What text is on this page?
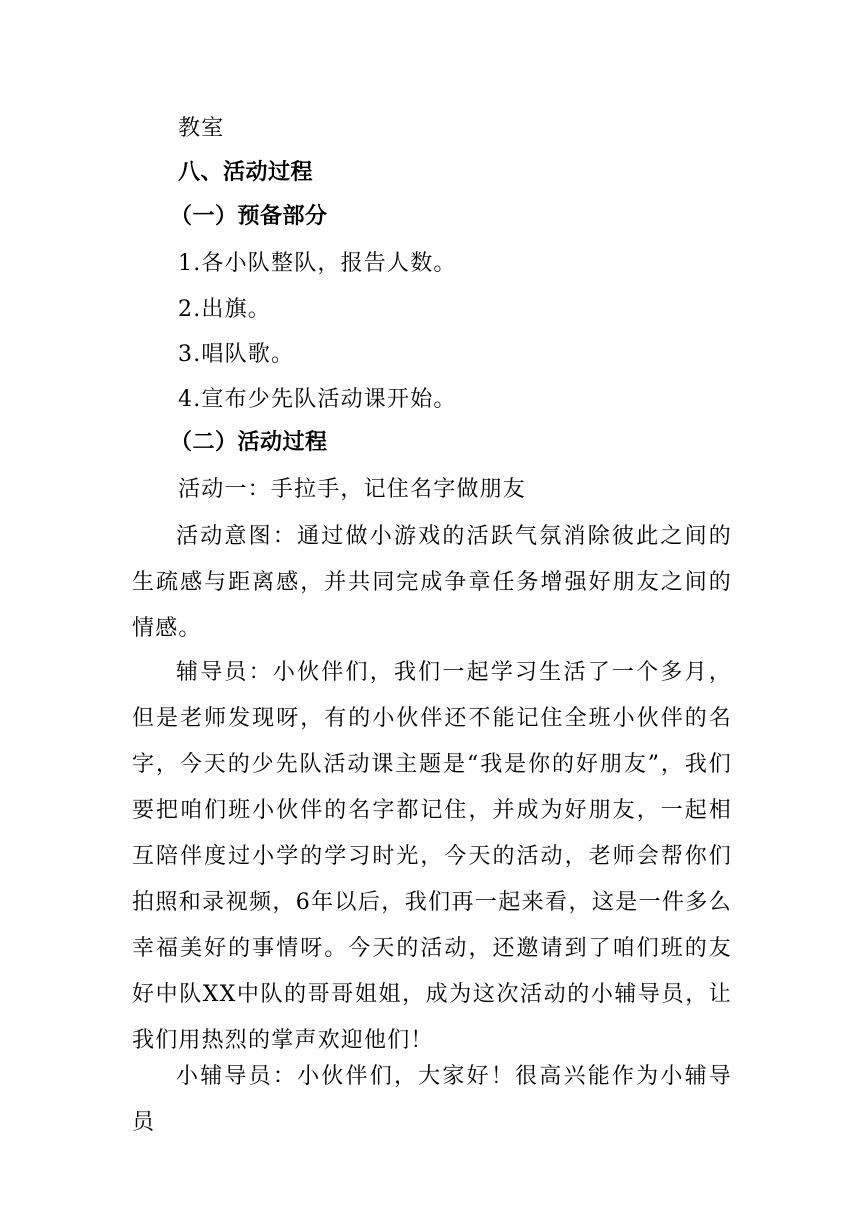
教室
八、活动过程
（一）预备部分
1.各小队整队，报告人数。
2.出旗。
3.唱队歌。
4.宣布少先队活动课开始。
（二）活动过程
活动一：手拉手，记住名字做朋友
活动意图：通过做小游戏的活跃气氛消除彼此之间的生疏感与距离感，并共同完成争章任务增强好朋友之间的情感。
辅导员：小伙伴们，我们一起学习生活了一个多月，但是老师发现呀，有的小伙伴还不能记住全班小伙伴的名字，今天的少先队活动课主题是“我是你的好朋友”，我们要把咱们班小伙伴的名字都记住，并成为好朋友，一起相互陪伴度过小学的学习时光，今天的活动，老师会帮你们拍照和录视频，6年以后，我们再一起来看，这是一件多么幸福美好的事情呀。今天的活动，还邀请到了咱们班的友好中队XX中队的哥哥姐姐，成为这次活动的小辅导员，让我们用热烈的掌声欢迎他们！
小辅导员：小伙伴们，大家好！很高兴能作为小辅导员
